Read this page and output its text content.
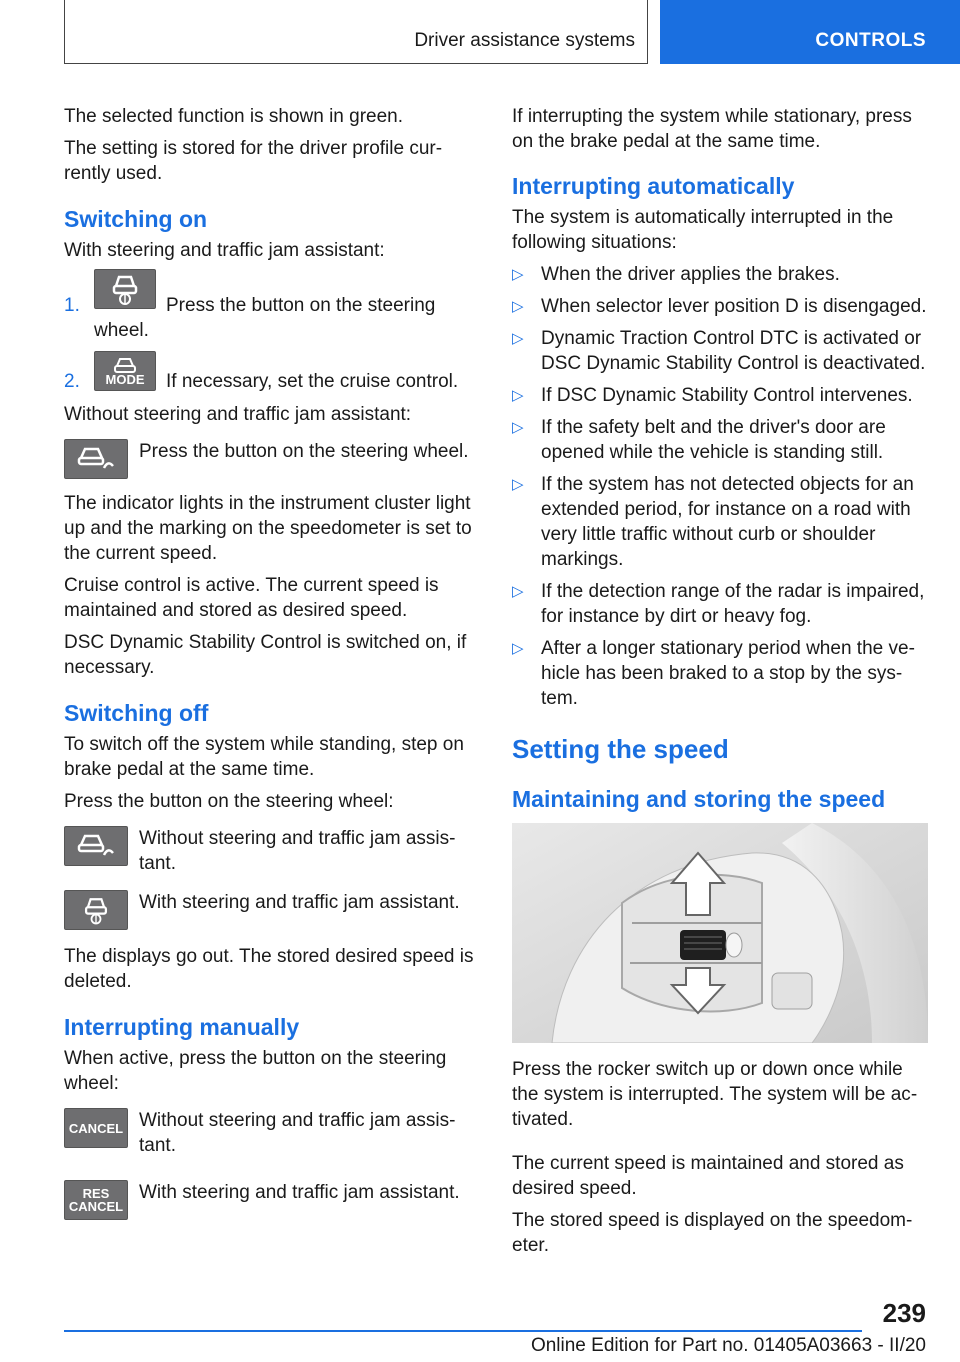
Driver assistance systems	CONTROLS

The selected function is shown in green.

The setting is stored for the driver profile currently used.

Switching on

With steering and traffic jam assistant:

1.	Press the button on the steering wheel.
2.	MODE	If necessary, set the cruise control.

Without steering and traffic jam assistant:

Press the button on the steering wheel.

The indicator lights in the instrument cluster light up and the marking on the speedometer is set to the current speed.

Cruise control is active. The current speed is maintained and stored as desired speed.

DSC Dynamic Stability Control is switched on, if necessary.

Switching off

To switch off the system while standing, step on brake pedal at the same time.

Press the button on the steering wheel:

Without steering and traffic jam assistant.
With steering and traffic jam assistant.

The displays go out. The stored desired speed is deleted.

Interrupting manually

When active, press the button on the steering wheel:

CANCEL Without steering and traffic jam assistant.
RES
CANCEL
With steering and traffic jam assistant.

If interrupting the system while stationary, press on the brake pedal at the same time.

Interrupting automatically

The system is automatically interrupted in the following situations:

▷ When the driver applies the brakes.
▷ When selector lever position D is disengaged.
▷ Dynamic Traction Control DTC is activated or DSC Dynamic Stability Control is deactivated.
▷ If DSC Dynamic Stability Control intervenes.
▷ If the safety belt and the driver's door are opened while the vehicle is standing still.
▷ If the system has not detected objects for an extended period, for instance on a road with very little traffic without curb or shoulder markings.
▷ If the detection range of the radar is impaired, for instance by dirt or heavy fog.
▷ After a longer stationary period when the vehicle has been braked to a stop by the system.
Setting the speed
Maintaining and storing the speed

Press the rocker switch up or down once while the system is interrupted. The system will be activated.

The current speed is maintained and stored as desired speed.

The stored speed is displayed on the speedometer.

239
Online Edition for Part no. 01405A03663 - II/20
